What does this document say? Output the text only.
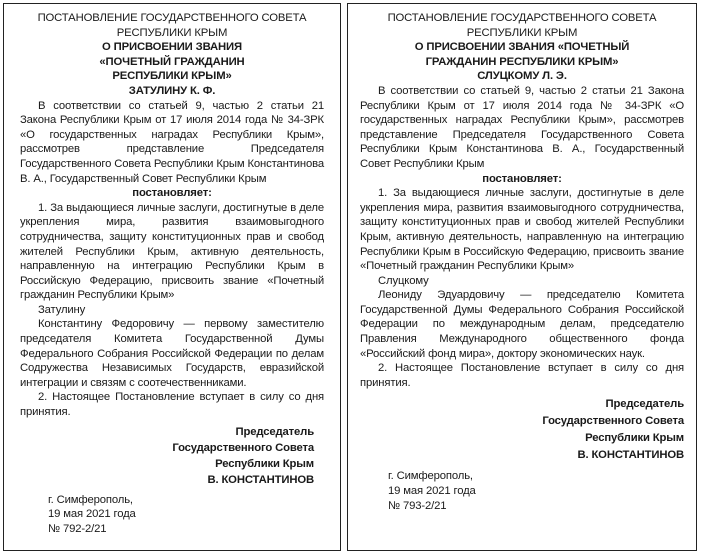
ПОСТАНОВЛЕНИЕ ГОСУДАРСТВЕННОГО СОВЕТА

РЕСПУБЛИКИ КРЫМ

О ПРИСВОЕНИИ ЗВАНИЯ

«ПОЧЕТНЫЙ ГРАЖДАНИН

РЕСПУБЛИКИ КРЫМ»

ЗАТУЛИНУ К. Ф.

В соответствии со статьей 9, частью 2 статьи 21 Закона Республики Крым от 17 июля 2014 года № 34-ЗРК «О государственных наградах Республики Крым», рассмотрев представление Председателя Государственного Совета Республики Крым Константинова В. А., Государственный Совет Республики Крым

постановляет:

1. За выдающиеся личные заслуги, достигнутые в деле укрепления мира, развития взаимовыгодного сотрудничества, защиту конституционных прав и свобод жителей Республики Крым, активную деятельность, направленную на интеграцию Республики Крым в Российскую Федерацию, присвоить звание «Почетный гражданин Республики Крым»

Затулину

Константину Федоровичу — первому заместителю председателя Комитета Государственной Думы Федерального Собрания Российской Федерации по делам Содружества Независимых Государств, евразийской интеграции и связям с соотечественниками.

2. Настоящее Постановление вступает в силу со дня принятия.

Председатель

Государственного Совета

Республики Крым

В. КОНСТАНТИНОВ

г. Симферополь,

19 мая 2021 года

№ 792-2/21

ПОСТАНОВЛЕНИЕ ГОСУДАРСТВЕННОГО СОВЕТА

РЕСПУБЛИКИ КРЫМ

О ПРИСВОЕНИИ ЗВАНИЯ «ПОЧЕТНЫЙ

ГРАЖДАНИН РЕСПУБЛИКИ КРЫМ»

СЛУЦКОМУ Л. Э.

В соответствии со статьей 9, частью 2 статьи 21 Закона Республики Крым от 17 июля 2014 года № 34-ЗРК «О государственных наградах Республики Крым», рассмотрев представление Председателя Государственного Совета Республики Крым Константинова В. А., Государственный Совет Республики Крым

постановляет:

1. За выдающиеся личные заслуги, достигнутые в деле укрепления мира, развития взаимовыгодного сотрудничества, защиту конституционных прав и свобод жителей Республики Крым, активную деятельность, направленную на интеграцию Республики Крым в Российскую Федерацию, присвоить звание «Почетный гражданин Республики Крым»

Слуцкому

Леониду Эдуардовичу — председателю Комитета Государственной Думы Федерального Собрания Российской Федерации по международным делам, председателю Правления Международного общественного фонда «Российский фонд мира», доктору экономических наук.

2. Настоящее Постановление вступает в силу со дня принятия.

Председатель

Государственного Совета

Республики Крым

В. КОНСТАНТИНОВ

г. Симферополь,

19 мая 2021 года

№ 793-2/21
